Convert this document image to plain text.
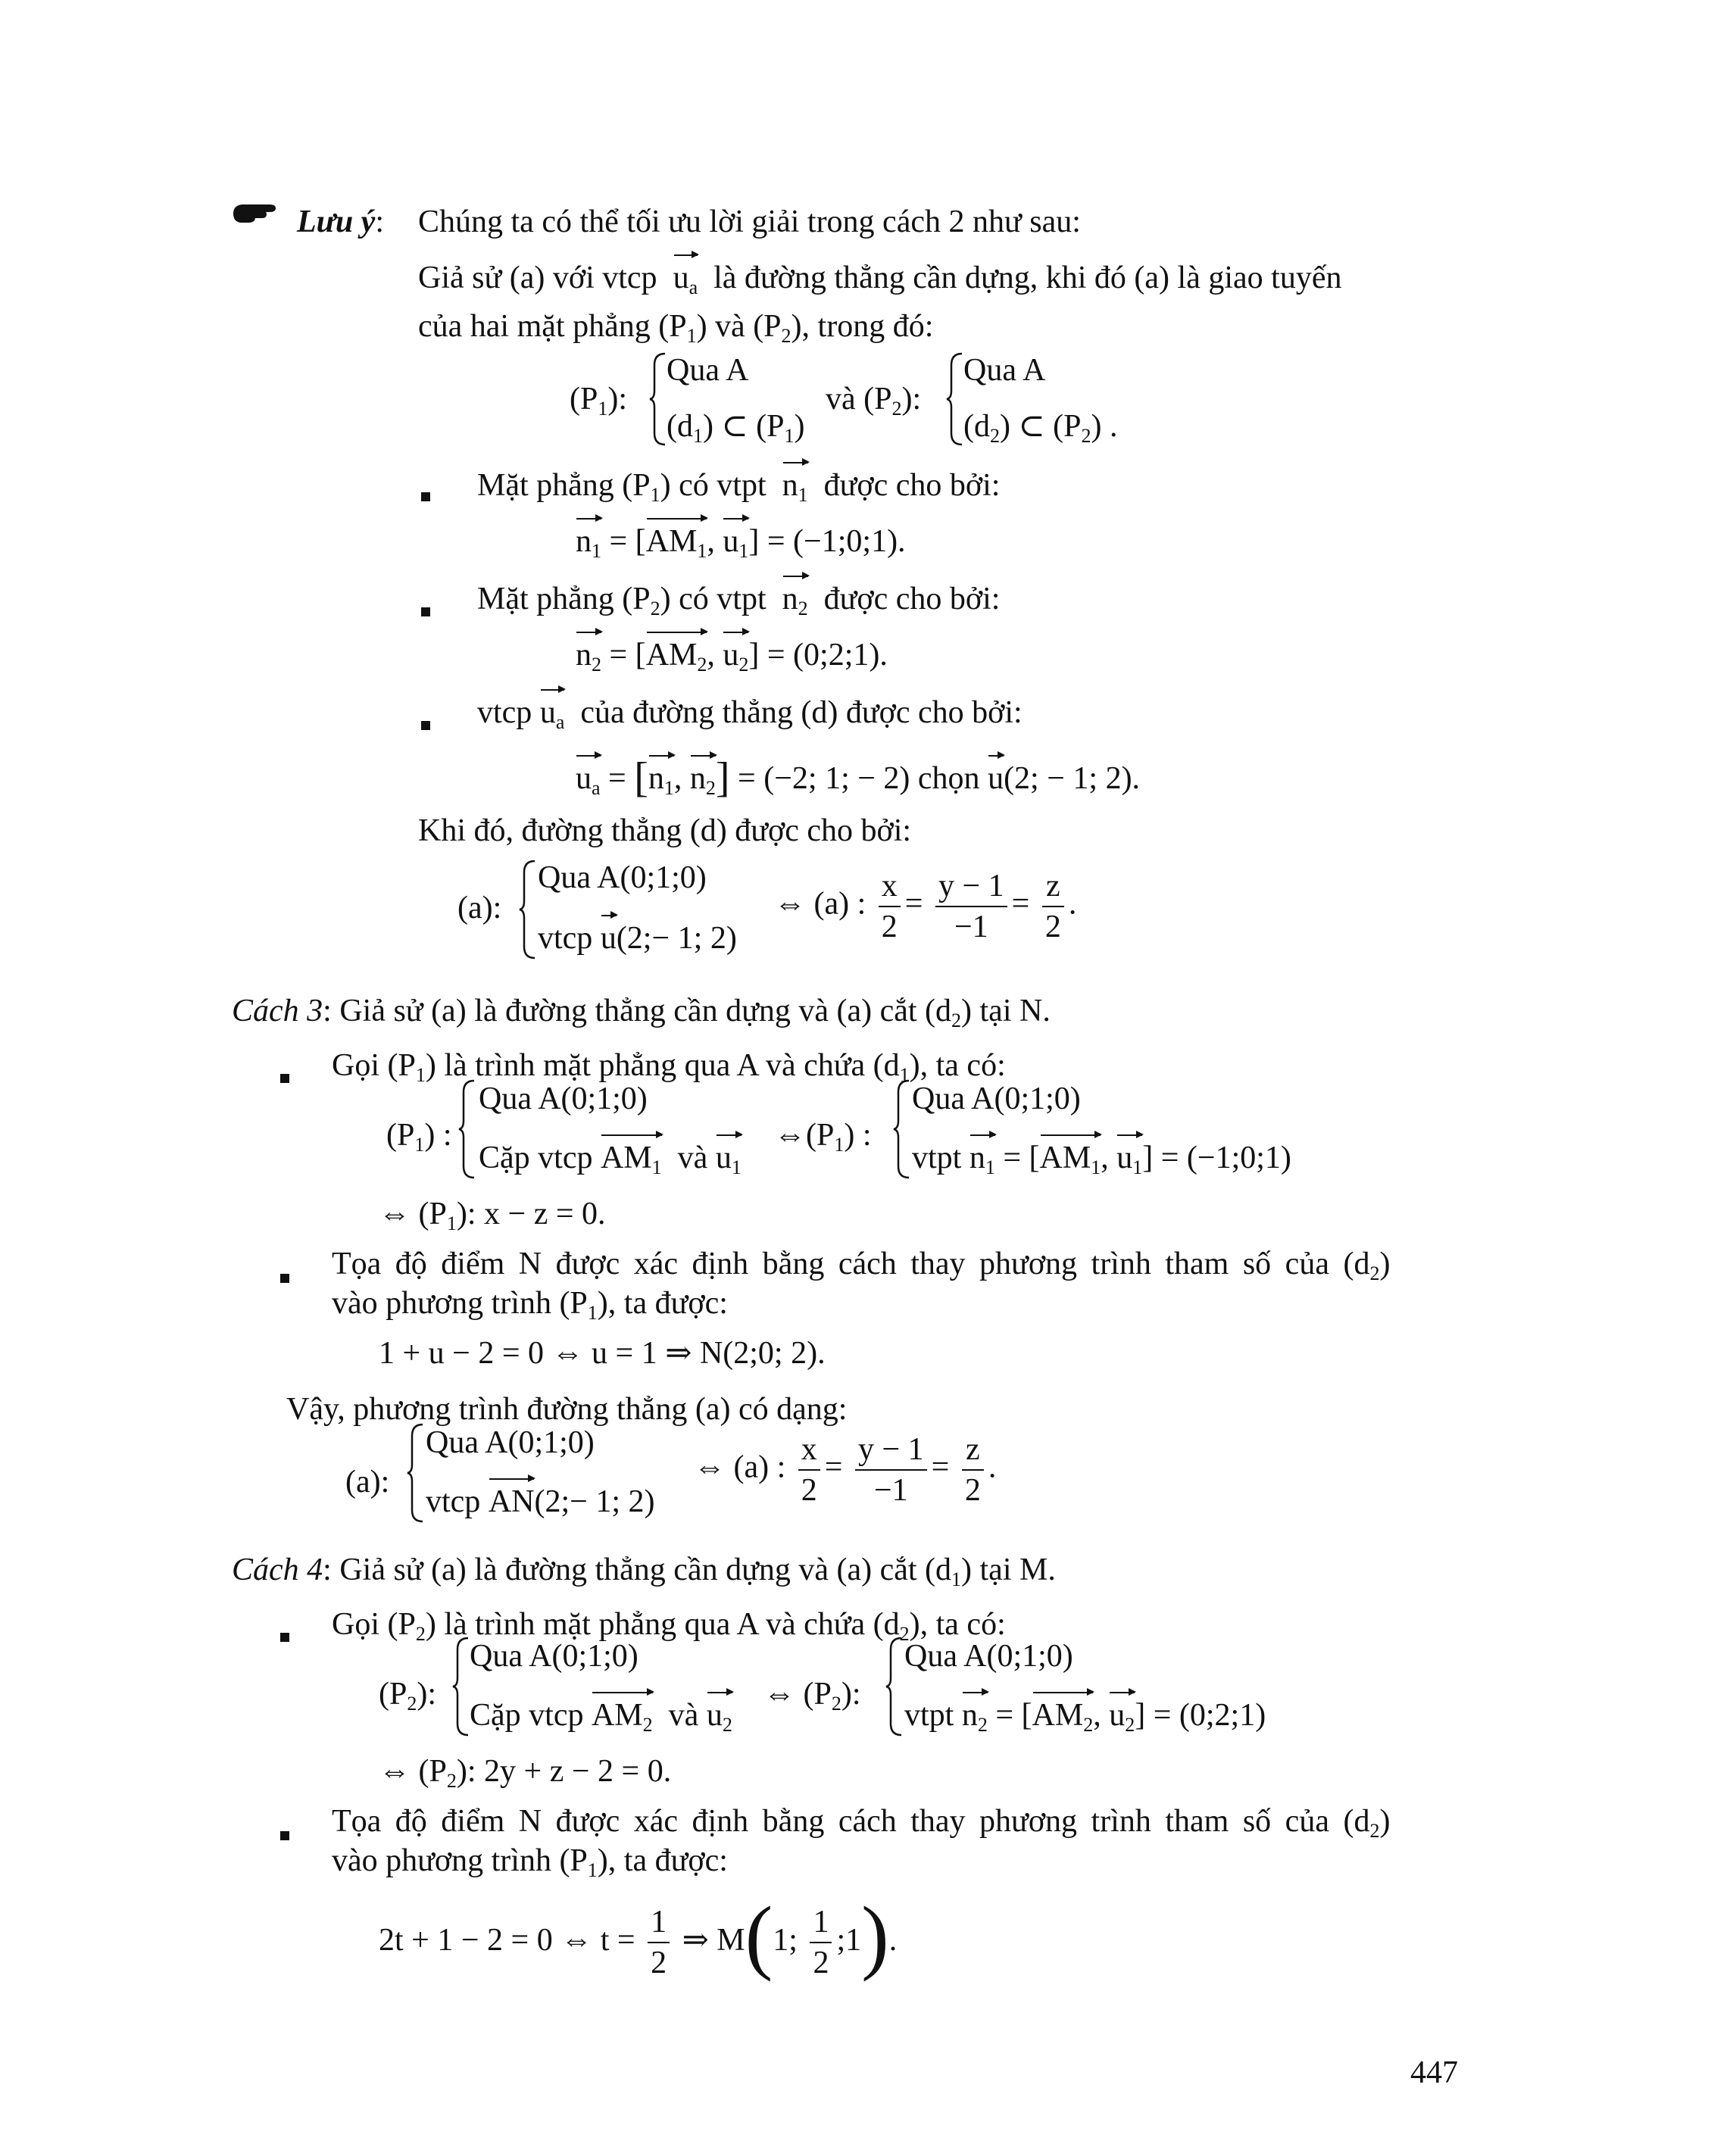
Lưu ý: Chúng ta có thể tối ưu lời giải trong cách 2 như sau:
Giả sử (a) với vtcp $u_a$ là đường thẳng cần dựng, khi đó (a) là giao tuyến
của hai mặt phẳng $(P_1)$ và $(P_2)$, trong đó:
$(P_1)$:
Qua A
$(d_1)$ ⊂ $(P_1)$
và $(P_2)$:
Qua A
$(d_2)$ ⊂ $(P_2)$ .
Mặt phẳng $(P_1)$ có vtpt $n_1$ được cho bởi:
$n_1 = [AM_1$, $u_1$] = (−1;0;1).
Mặt phẳng $(P_2)$ có vtpt $n_2$ được cho bởi:
$n_2 = [AM_2$, $u_2$] = (0;2;1).
vtcp $u_a$ của đường thẳng (d) được cho bởi:
$u_a = [n_1$, $n_2] = (-2$; 1; − 2) chọn u(2; − 1; 2).
Khi đó, đường thẳng (d) được cho bởi:
(a):
Qua A(0;1;0)
vtcp u(2;− 1; 2)
⇔ (a) : $\frac{x}{2} = \frac{y - 1}{-1} = \frac{z}{2}$ .
Cách 3: Giả sử (a) là đường thẳng cần dựng và (a) cắt $(d_2)$ tại N.
Gọi $(P_1)$ là trình mặt phẳng qua A và chứa $(d_1)$, ta có:
$(P_1)$ :
Qua A(0;1;0)
Cặp vtcp $AM_1$ và $u_1$
$\Leftrightarrow(P_1)$ :
Qua A(0;1;0)
vtpt $n_1 = [AM_1$, $u_1$] = (−1;0;1)
⇔ $(P_1)$: x − z = 0.
Tọa độ điểm N được xác định bằng cách thay phương trình tham số của $(d_2)$
vào phương trình $(P_1)$, ta được:
1 + u − 2 = 0 ⇔ u = 1 ⇒ N(2;0; 2).
Vậy, phương trình đường thẳng (a) có dạng:
(a):
Qua A(0;1;0)
vtcp AN(2;− 1; 2)
⇔ (a) : $\frac{x}{2} = \frac{y - 1}{-1} = \frac{z}{2}$ .
Cách 4: Giả sử (a) là đường thẳng cần dựng và (a) cắt $(d_1)$ tại M.
Gọi $(P_2)$ là trình mặt phẳng qua A và chứa $(d_2)$, ta có:
$(P_2)$:
Qua A(0;1;0)
Cặp vtcp $AM_2$ và $u_2$
⇔ $(P_2)$:
Qua A(0;1;0)
vtpt $n_2 = [AM_2$, $u_2$] = (0;2;1)
⇔ $(P_2)$: 2y + z − 2 = 0.
Tọa độ điểm N được xác định bằng cách thay phương trình tham số của $(d_2)$
vào phương trình $(P_1)$, ta được:
2t + 1 − 2 = 0 ⇔ $t = \frac{1}{2}$ ⇒ M(1; $\frac{1}{2}$ ;1).
447
